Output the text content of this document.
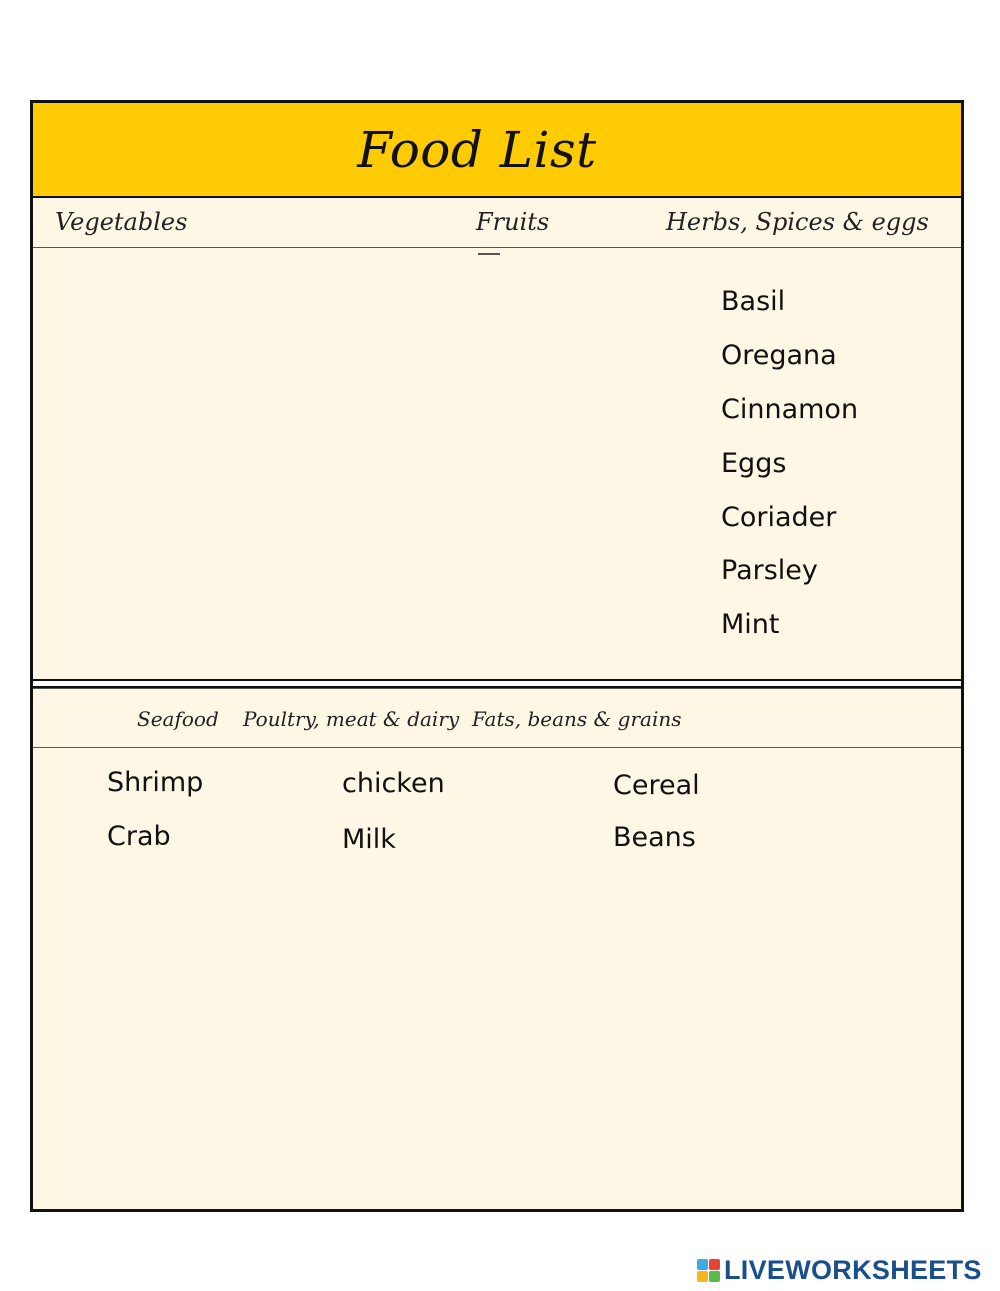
Food List
Vegetables	Fruits	Herbs, Spices & eggs
Basil
Oregana
Cinnamon
Eggs
Coriader
Parsley
Mint
Seafood Poultry, meat & dairy Fats, beans & grains
Shrimp
Crab
chicken
Milk
Cereal
Beans
LIVEWORKSHEETS
